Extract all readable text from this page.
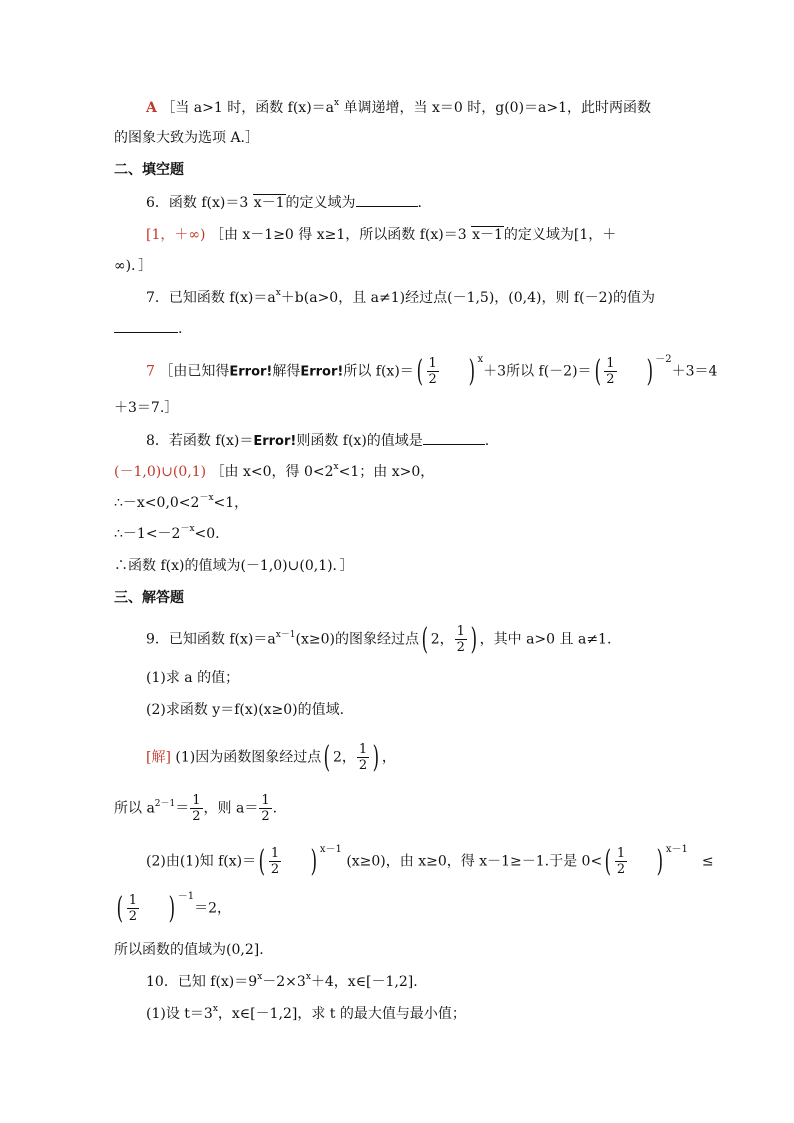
A ［当 a>1 时，函数 $f(x)=a^x$ 单调递增，当 x＝0 时，g(0)＝a>1，此时两函数
的图象大致为选项 A.］
二、填空题
6．函数 f(x)＝3 x－1的定义域为	.
[1，＋∞) ［由 x－1≥0 得 x≥1，所以函数 f(x)＝3 x－1的定义域为[1，＋
∞)．］
7．已知函数 $f(x)=a^x+b(a>0$，且 a≠1)经过点(－1,5)，(0,4)，则 f(－2)的值为
.
7 ［由已知得Error!解得Error!所以 $f(x)=( \frac{1}{2}$ ) $^x$＋3所以 $f(-2)=( \frac{1}{2}$ ) $^{-2}$＋3＝4
＋3＝7.］
8．若函数 f(x)＝Error!则函数 f(x)的值域是	.
(－1,0)∪(0,1) ［由 x<0，得 $0<2^x<1$；由 x>0，
$\therefore-x<0,0<2^{-x}<1$，
$\therefore-1<-2^{-x}<0$.
∴函数 f(x)的值域为(－1,0)∪(0,1)．］
三、解答题
9．已知函数 $f(x)=a^{x-1}(x\ge 0)$的图象经过点( 2， $\frac{1}{2}$ ) ，其中 a>0 且 a≠1.
(1)求 a 的值；
(2)求函数 y＝f(x)(x≥0)的值域.
[解] (1)因为函数图象经过点( 2， $\frac{1}{2}$ ) ，
所以 $a^{2-1}= \frac{1}{2}$ ，则 $a= \frac{1}{2}$ .
(2)由(1)知 $f(x)=( \frac{1}{2}$ ) $^{x-1}$ (x≥0)，由 x≥0，得 x－1≥－1.于是 $0<( \frac{1}{2}$ ) $^{x-1}$≤
( $\frac{1}{2}$ ) $^{-1}$＝2，
所以函数的值域为(0,2].
10．已知 $f(x)=9^x-2\times 3^x+4$，x∈[－1,2].
(1)设 $t=3^x$，x∈[－1,2]，求 t 的最大值与最小值；
